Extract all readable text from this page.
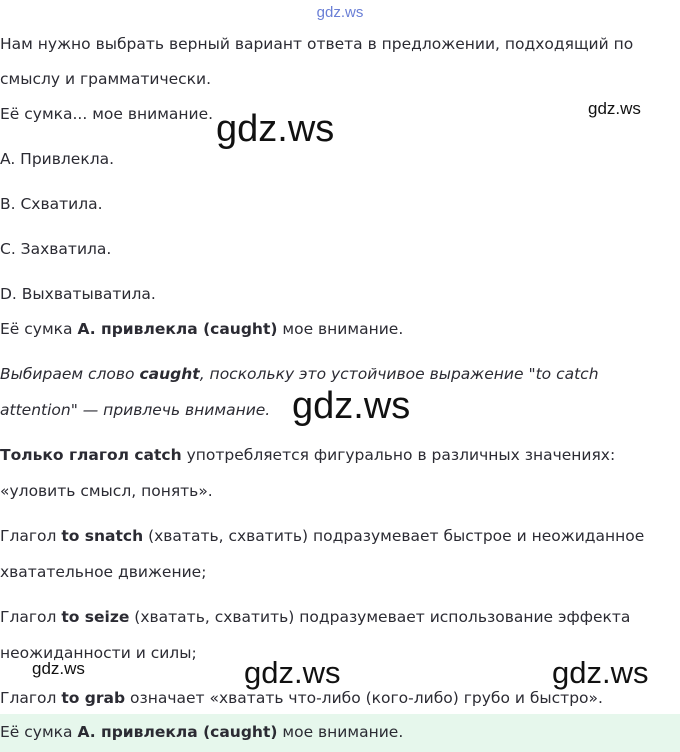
gdz.ws

Нам нужно выбрать верный вариант ответа в предложении, подходящий по

смыслу и грамматически.

Её сумка... мое внимание.

A. Привлекла.

B. Схватила.

C. Захватила.

D. Выхватыватила.

Её сумка A. привлекла (caught) мое внимание.

Выбираем слово caught, поскольку это устойчивое выражение "to catch

attention" — привлечь внимание.

Только глагол catch употребляется фигурально в различных значениях:

«уловить смысл, понять».

Глагол to snatch (хватать, схватить) подразумевает быстрое и неожиданное

хватательное движение;

Глагол to seize (хватать, схватить) подразумевает использование эффекта

неожиданности и силы;

Глагол to grab означает «хватать что-либо (кого-либо) грубо и быстро».

Её сумка A. привлекла (caught) мое внимание.

gdz.ws	gdz.ws
gdz.ws
gdz.ws	gdz.ws	gdz.ws
